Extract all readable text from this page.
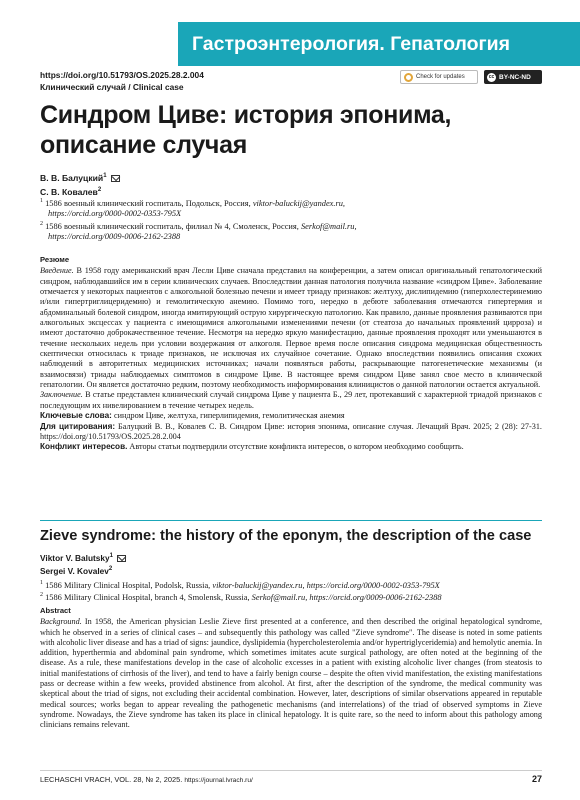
Гастроэнтерология. Гепатология
https://doi.org/10.51793/OS.2025.28.2.004
Клинический случай / Clinical case
Check for updates	cc BY-NC-ND
Синдром Циве: история эпонима, описание случая
В. В. Балуцкий$^1$
С. В. Ковалев$^2$
$^1$ 1586 военный клинический госпиталь, Подольск, Россия, viktor-baluckij@yandex.ru,
https://orcid.org/0000-0002-0353-795X
$^2$ 1586 военный клинический госпиталь, филиал № 4, Смоленск, Россия, Serkof@mail.ru,
https://orcid.org/0009-0006-2162-2388
Резюме
Введение. В 1958 году американский врач Лесли Циве сначала представил на конференции, а затем описал оригинальный гепатологический синдром, наблюдавшийся им в серии клинических случаев. Впоследствии данная патология получила название «синдром Циве». Заболевание отмечается у некоторых пациентов с алкогольной болезнью печени и имеет триаду признаков: желтуху, дислипидемию (гиперхолестеринемию и/или гипертриглицеридемию) и гемолитическую анемию. Помимо того, нередко в дебюте заболевания отмечаются гипертермия и абдоминальный болевой синдром, иногда имитирующий острую хирургическую патологию. Как правило, данные проявления развиваются при алкогольных эксцессах у пациента с имеющимися алкогольными изменениями печени (от стеатоза до начальных проявлений цирроза) и имеют достаточно доброкачественное течение. Несмотря на нередко яркую манифестацию, данные проявления проходят или уменьшаются в течение нескольких недель при условии воздержания от алкоголя. Первое время после описания синдрома медицинская общественность скептически относилась к триаде признаков, не исключая их случайное сочетание. Однако впоследствии появились описания схожих наблюдений в авторитетных медицинских источниках; начали появляться работы, раскрывающие патогенетические механизмы (и взаимосвязи) триады наблюдаемых симптомов в синдроме Циве. В настоящее время синдром Циве занял свое место в клинической гепатологии. Он является достаточно редким, поэтому необходимость информирования клиницистов о данной патологии остается актуальной.
Заключение. В статье представлен клинический случай синдрома Циве у пациента Б., 29 лет, протекавший с характерной триадой признаков с последующим их нивелированием в течение четырех недель.
Ключевые слова: синдром Циве, желтуха, гиперлипидемия, гемолитическая анемия
Для цитирования: Балуцкий В. В., Ковалев С. В. Синдром Циве: история эпонима, описание случая. Лечащий Врач. 2025; 2 (28): 27-31. https://doi.org/10.51793/OS.2025.28.2.004
Конфликт интересов. Авторы статьи подтвердили отсутствие конфликта интересов, о котором необходимо сообщить.
Zieve syndrome: the history of the eponym, the description of the case
Viktor V. Balutsky$^1$
Sergei V. Kovalev$^2$
$^1$ 1586 Military Clinical Hospital, Podolsk, Russia, viktor-baluckij@yandex.ru, https://orcid.org/0000-0002-0353-795X
$^2$ 1586 Military Clinical Hospital, branch 4, Smolensk, Russia, Serkof@mail.ru, https://orcid.org/0009-0006-2162-2388
Abstract
Background. In 1958, the American physician Leslie Zieve first presented at a conference, and then described the original hepatological syndrome, which he observed in a series of clinical cases – and subsequently this pathology was called "Zieve syndrome". The disease is noted in some patients with alcoholic liver disease and has a triad of signs: jaundice, dyslipidemia (hypercholesterolemia and/or hypertriglyceridemia) and hemolytic anemia. In addition, hyperthermia and abdominal pain syndrome, which sometimes imitates acute surgical pathology, are often noted at the beginning of the disease. As a rule, these manifestations develop in the case of alcoholic excesses in a patient with existing alcoholic liver changes (from steatosis to initial manifestations of cirrhosis of the liver), and tend to have a fairly benign course – despite the often vivid manifestation, the existing manifestations pass or decrease within a few weeks, provided abstinence from alcohol. At first, after the description of the syndrome, the medical community was skeptical about the triad of signs, not excluding their accidental combination. However, later, descriptions of similar observations appeared in reputable medical sources; works began to appear revealing the pathogenetic mechanisms (and interrelations) of the triad of observed symptoms in Zieve syndrome. Nowadays, the Zieve syndrome has taken its place in clinical hepatology. It is quite rare, so the need to inform about this pathology among clinicians remains relevant.
LECHASCHI VRACH, VOL. 28, № 2, 2025. https://journal.lvrach.ru/	27
